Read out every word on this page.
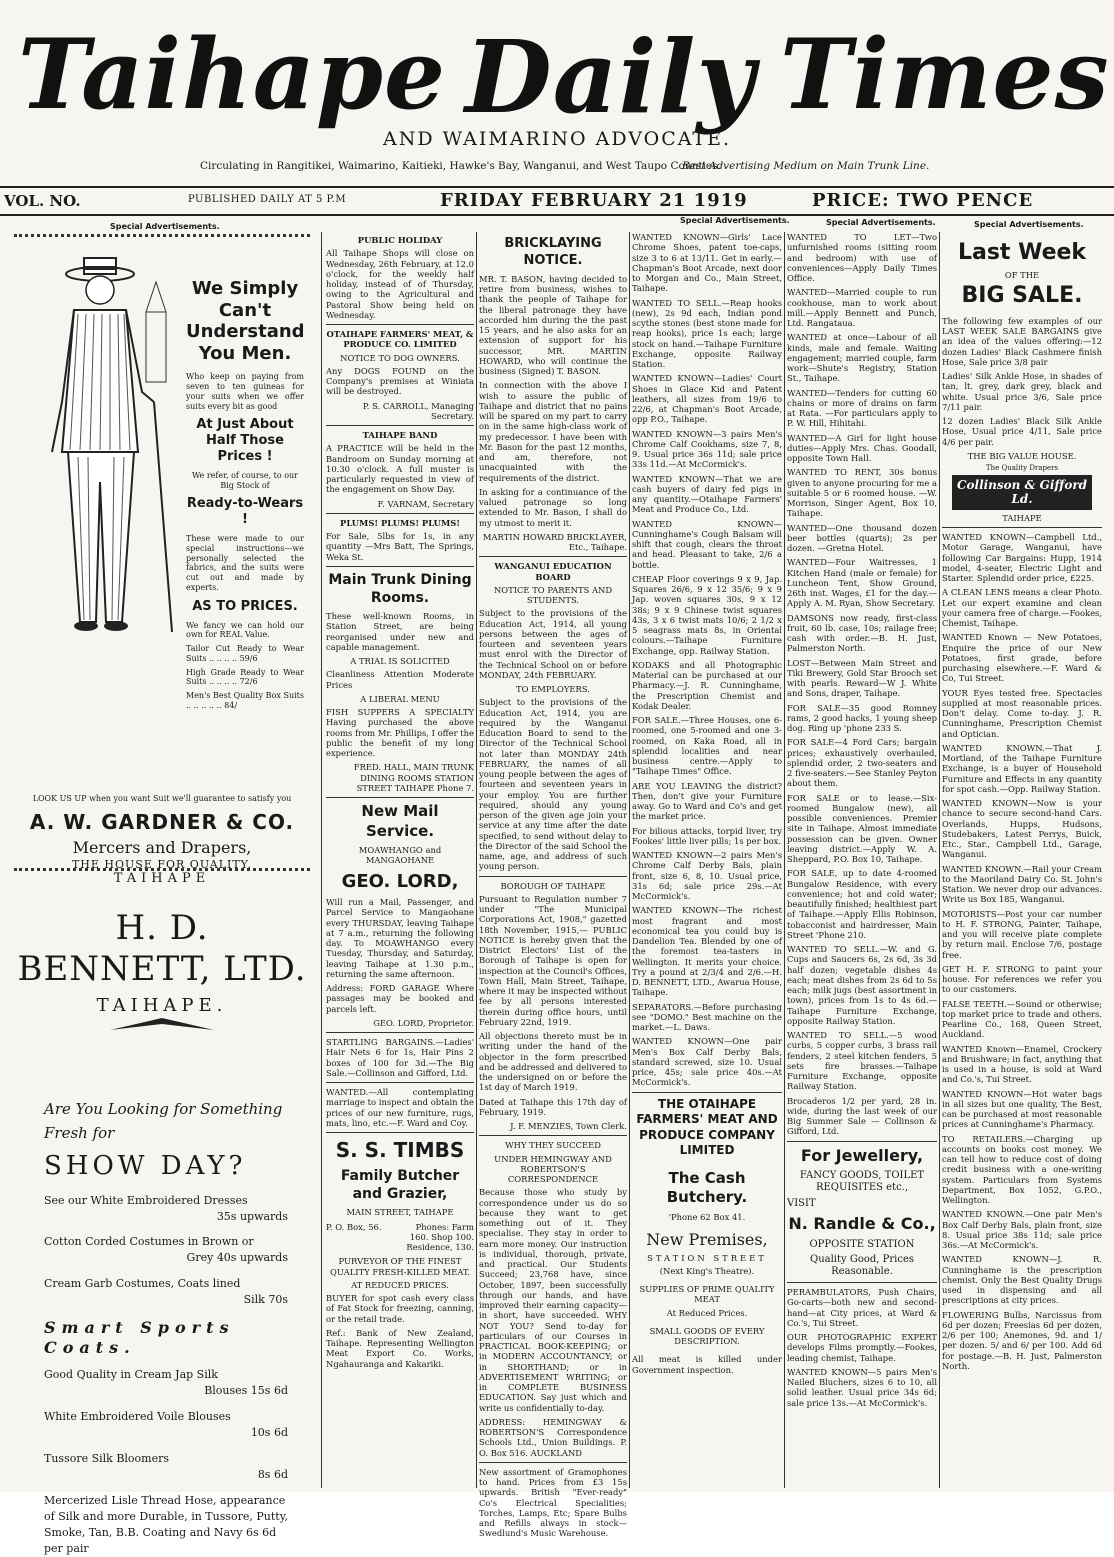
Taihape Daily Times
AND WAIMARINO ADVOCATE.
Circulating in Rangitikei, Waimarino, Kaitieki, Hawke's Bay, Wanganui, and West Taupo Counties.
Best Advertising Medium on Main Trunk Line.
VOL. NO.	PUBLISHED DAILY AT 5 P.M	FRIDAY FEBRUARY 21 1919	PRICE: TWO PENCE
Special Advertisements.
Special Advertisements.	Special Advertisements.	Special Advertisements.
We Simply Can't Understand You Men.

Who keep on paying from seven to ten guineas for your suits when we offer suits every bit as good

At Just About Half Those Prices !

We refer, of course, to our Big Stock of

Ready-to-Wears !

These were made to our special instructions—we personally selected the fabrics, and the suits were cut out and made by experts.

AS TO PRICES.

We fancy we can hold our own for REAL Value.

Tailor Cut Ready to Wear Suits .. .. .. .. 59/6

High Grade Ready to Wear Suits .. .. .. .. 72/6

Men's Best Quality Box Suits .. .. .. .. .. 84/

LOOK US UP when you want Suit we'll guarantee to satisfy you
A. W. GARDNER & CO.
Mercers and Drapers,
THE HOUSE FOR QUALITY.
TAIHAPE
H. D. BENNETT, LTD.
TAIHAPE.
Are You Looking for Something Fresh for
SHOW DAY?
See our White Embroidered Dresses
35s upwards
Cotton Corded Costumes in Brown or
Grey 40s upwards
Cream Garb Costumes, Coats lined
Silk 70s
Smart Sports Coats.
Good Quality in Cream Jap Silk
Blouses 15s 6d
White Embroidered Voile Blouses
10s 6d
Tussore Silk Bloomers
8s 6d
Mercerized Lisle Thread Hose, appearance of Silk and more Durable, in Tussore, Putty, Smoke, Tan, B.B. Coating and Navy 6s 6d per pair
PUBLIC HOLIDAY

All Taihape Shops will close on Wednesday, 26th February, at 12.0 o'clock, for the weekly half holiday, instead of of Thursday, owing to the Agricultural and Pastoral Show being held on Wednesday.

OTAIHAPE FARMERS' MEAT, & PRODUCE CO. LIMITED
NOTICE TO DOG OWNERS.

Any DOGS FOUND on the Company's premises at Winiata will be destroyed.

P. S. CARROLL, Managing Secretary.

TAIHAPE BAND

A PRACTICE will be held in the Bandroom on Sunday morning at 10.30 o'clock. A full muster is particularly requested in view of the engagement on Show Day.

F. VARNAM, Secretary

PLUMS! PLUMS! PLUMS!

For Sale, 5lbs for 1s, in any quantity —Mrs Batt, The Springs, Weka St.

Main Trunk Dining Rooms.

These well-known Rooms, in Station Street, are being reorganised under new and capable management.

A TRIAL IS SOLICITED

Cleanliness Attention Moderate Prices

A LIBERAL MENU

FISH SUPPERS A SPECIALTY Having purchased the above rooms from Mr. Phillips, I offer the public the benefit of my long experience.

FRED. HALL, MAIN TRUNK DINING ROOMS STATION STREET TAIHAPE Phone 7.

New Mail Service.
MOAWHANGO and MANGAOHANE
GEO. LORD,

Will run a Mail, Passenger, and Parcel Service to Mangaohane every THURSDAY, leaving Taihape at 7 a.m., returning the following day. To MOAWHANGO every Tuesday, Thursday, and Saturday, leaving Taihape at 1.30 p.m., returning the same afternoon.

Address: FORD GARAGE Where passages may be booked and parcels left.

GEO. LORD, Proprietor.

STARTLING BARGAINS.—Ladies' Hair Nets 6 for 1s, Hair Pins 2 boxes of 100 for 3d.—The Big Sale.—Collinson and Gifford, Ltd.

WANTED.—All contemplating marriage to inspect and obtain the prices of our new furniture, rugs, mats, lino, etc.—F. Ward and Coy.

S. S. TIMBS
Family Butcher and Grazier,
MAIN STREET, TAIHAPE
P. O. Box, 56.	Phones: Farm 160. Shop 100. Residence, 130.
PURVEYOR OF THE FINEST QUALITY FRESH-KILLED MEAT.
AT REDUCED PRICES.

BUYER for spot cash every class of Fat Stock for freezing, canning, or the retail trade.

Ref.: Bank of New Zealand, Taihape. Representing Wellington Meat Export Co. Works, Ngahauranga and Kakariki.

BRICKLAYING NOTICE.

MR. T. BASON, having decided to retire from business, wishes to thank the people of Taihape for the liberal patronage they have accorded him during the the past 15 years, and he also asks for an extension of support for his successor, MR. MARTIN HOWARD, who will continue the business (Signed) T. BASON.

In connection with the above I wish to assure the public of Taihape and district that no pains will be spared on my part to carry on in the same high-class work of my predecessor. I have been with Mr. Bason for the past 12 months, and am, therefore, not unacquainted with the requirements of the district.

In asking for a continuance of the valued patronage so long extended to Mr. Bason, I shall do my utmost to merit it.

MARTIN HOWARD BRICKLAYER, Etc., Taihape.

WANGANUI EDUCATION BOARD
NOTICE TO PARENTS AND STUDENTS.

Subject to the provisions of the Education Act, 1914, all young persons between the ages of fourteen and seventeen years must enrol with the Director of the Technical School on or before MONDAY, 24th FEBRUARY.

TO EMPLOYERS.

Subject to the provisions of the Education Act, 1914, you are required by the Wanganui Education Board to send to the Director of the Technical School not later than MONDAY 24th FEBRUARY, the names of all young people between the ages of fourteen and seventeen years in your employ. You are further required, should any young person of the given age join your service at any time after the date specified, to send without delay to the Director of the said School the name, age, and address of such young person.

BOROUGH OF TAIHAPE

Pursuant to Regulation number 7 under "The Municipal Corporations Act, 1908," gazetted 18th November, 1915,— PUBLIC NOTICE is hereby given that the District Electors' List of the Borough of Taihape is open for inspection at the Council's Offices, Town Hall, Main Street, Taihape, where it may be inspected without fee by all persons interested therein during office hours, until February 22nd, 1919.

All objections thereto must be in writing under the hand of the objector in the form prescribed and be addressed and delivered to the undersigned on or before the 1st day of March 1919.

Dated at Taihape this 17th day of February, 1919.

J. F. MENZIES, Town Clerk.

WHY THEY SUCCEED
UNDER HEMINGWAY AND ROBERTSON'S CORRESPONDENCE

Because those who study by correspondence under us do so because they want to get something out of it. They specialise. They stay in order to earn more money. Our instruction is individual, thorough, private, and practical. Our Students Succeed; 23,768 have, since October, 1897, been successfully through our hands, and have improved their earning capacity—in short, have succeeded. WHY NOT YOU? Send to-day for particulars of our Courses in PRACTICAL BOOK-KEEPING; or in MODERN ACCOUNTANCY; or in SHORTHAND; or in ADVERTISEMENT WRITING; or in COMPLETE BUSINESS EDUCATION. Say just which and write us confidentially to-day.

ADDRESS: HEMINGWAY & ROBERTSON'S Correspondence Schools Ltd., Union Buildings. P. O. Box 516. AUCKLAND

New assortment of Gramophones to hand. Prices from £3 15s upwards. British "Ever-ready" Co's Electrical Specialities; Torches, Lamps, Etc; Spare Bulbs and Refills always in stock—Swedlund's Music Warehouse.

WANTED KNOWN—Girls' Lace Chrome Shoes, patent toe-caps, size 3 to 6 at 13/11. Get in early.—Chapman's Boot Arcade, next door to Morgan and Co., Main Street, Taihape.

WANTED TO SELL.—Reap hooks (new), 2s 9d each, Indian pond scythe stones (best stone made for reap hooks), price 1s each; large stock on hand.—Taihape Furniture Exchange, opposite Railway Station.

WANTED KNOWN—Ladies' Court Shoes in Glace Kid and Patent leathers, all sizes from 19/6 to 22/6, at Chapman's Boot Arcade, opp P.O., Taihape.

WANTED KNOWN—3 pairs Men's Chrome Calf Cookhams, size 7, 8, 9. Usual price 36s 11d; sale price 33s 11d.—At McCormick's.

WANTED KNOWN—That we are cash buyers of dairy fed pigs in any quantity.—Otaihape Farmers' Meat and Produce Co., Ltd.

WANTED KNOWN—Cunninghame's Cough Balsam will shift that cough, clears the throat and head. Pleasant to take, 2/6 a bottle.

CHEAP Floor coverings 9 x 9, Jap. Squares 26/6, 9 x 12 35/6; 9 x 9 Jap. woven squares 30s, 9 x 12 38s; 9 x 9 Chinese twist squares 43s, 3 x 6 twist mats 10/6; 2 1/2 x 5 seagrass mats 8s, in Oriental colours.—Taihape Furniture Exchange, opp. Railway Station.

KODAKS and all Photographic Material can be purchased at our Pharmacy.—J. R. Cunninghame, the Prescription Chemist and Kodak Dealer.

FOR SALE.—Three Houses, one 6-roomed, one 5-roomed and one 3-roomed, on Kaka Road, all in splendid localities and near business centre.—Apply to "Taihape Times" Office.

ARE YOU LEAVING the district? Then, don't give your Furniture away. Go to Ward and Co's and get the market price.

For bilious attacks, torpid liver, try Fookes' little liver pills; 1s per box.

WANTED KNOWN—2 pairs Men's Chrome Calf Derby Bals, plain front, size 6, 8, 10. Usual price, 31s 6d; sale price 29s.—At McCormick's.

WANTED KNOWN—The richest most fragrant and most economical tea you could buy is Dandelion Tea. Blended by one of the foremost tea-tasters in Wellington. It merits your choice. Try a pound at 2/3/4 and 2/6.—H. D. BENNETT, LTD., Awarua House, Taihape.

SEPARATORS.—Before purchasing see "DOMO." Best machine on the market.—L. Daws.

WANTED KNOWN—One pair Men's Box Calf Derby Bals, standard screwed, size 10. Usual price, 45s; sale price 40s.—At McCormick's.

THE OTAIHAPE FARMERS' MEAT AND PRODUCE COMPANY LIMITED
The Cash Butchery.
'Phone 62 Box 41.
New Premises,
STATION STREET
(Next King's Theatre).
SUPPLIES OF PRIME QUALITY MEAT
At Reduced Prices.
SMALL GOODS OF EVERY DESCRIPTION.

All meat is killed under Government inspection.

WANTED TO LET—Two unfurnished rooms (sitting room and bedroom) with use of conveniences—Apply Daily Times Office.

WANTED—Married couple to run cookhouse, man to work about mill.—Apply Bennett and Punch, Ltd. Rangataua.

WANTED at once—Labour of all kinds, male and female. Waiting engagement; married couple, farm work—Shute's Registry, Station St., Taihape.

WANTED—Tenders for cutting 60 chains or more of drains on farm at Rata. —For particulars apply to P. W. Hill, Hihitahi.

WANTED—A Girl for light house duties—Apply Mrs. Chas. Goodall, opposite Town Hall.

WANTED TO RENT, 30s bonus given to anyone procuring for me a suitable 5 or 6 roomed house. —W. Morrison, Singer Agent, Box 10, Taihape.

WANTED—One thousand dozen beer bottles (quarts); 2s per dozen. —Gretna Hotel.

WANTED—Four Waitresses, 1 Kitchen Hand (male or female) for Luncheon Tent, Show Ground, 26th inst. Wages, £1 for the day.—Apply A. M. Ryan, Show Secretary.

DAMSONS now ready, first-class fruit, 60 lb. case, 10s; railage free; cash with order.—B. H. Just, Palmerston North.

LOST—Between Main Street and Tiki Brewery, Gold Star Brooch set with pearls. Reward—W J. White and Sons, draper, Taihape.

FOR SALE—35 good Romney rams, 2 good hacks, 1 young sheep dog. Ring up 'phone 233 S.

FOR SALE—4 Ford Cars; bargain prices; exhaustively overhauled, splendid order, 2 two-seaters and 2 five-seaters.—See Stanley Peyton about them.

FOR SALE or to lease.—Six-roomed Bungalow (new), all possible conveniences. Premier site in Taihape. Almost immediate possession can be given. Owner leaving district.—Apply W. A. Sheppard, P.O. Box 10, Taihape.

FOR SALE, up to date 4-roomed Bungalow Residence, with every convenience; hot and cold water; beautifully finished; healthiest part of Taihape.—Apply Ellis Robinson, tobacconist and hairdresser, Main Street 'Phone 210.

WANTED TO SELL.—W. and G. Cups and Saucers 6s, 2s 6d, 3s 3d half dozen; vegetable dishes 4s each; meat dishes from 2s 6d to 5s each; milk jugs (best assortment in town), prices from 1s to 4s 6d.—Taihape Furniture Exchange, opposite Railway Station.

WANTED TO SELL.—5 wood curbs, 5 copper curbs, 3 brass rail fenders, 2 steel kitchen fenders, 5 sets fire brasses.—Taihape Furniture Exchange, opposite Railway Station.

Brocaderos 1/2 per yard, 28 in. wide, during the last week of our Big Summer Sale — Collinson & Gifford, Ltd.

For Jewellery,
FANCY GOODS, TOILET REQUISITES etc.,
VISIT
N. Randle & Co.,
OPPOSITE STATION
Quality Good, Prices Reasonable.

PERAMBULATORS, Push Chairs, Go-carts—both new and second-hand—at City prices, at Ward & Co.'s, Tui Street.

OUR PHOTOGRAPHIC EXPERT develops Films promptly.—Fookes, leading chemist, Taihape.

WANTED KNOWN—5 pairs Men's Nailed Bluchers, sizes 6 to 10, all solid leather. Usual price 34s 6d; sale price 13s.—At McCormick's.

Last Week
OF THE
BIG SALE.

The following few examples of our LAST WEEK SALE BARGAINS give an idea of the values offering:—12 dozen Ladies' Black Cashmere finish Hose, Sale price 3/8 pair

Ladies' Silk Ankle Hose, in shades of tan, lt. grey, dark grey, black and white. Usual price 3/6, Sale price 7/11 pair.

12 dozen Ladies' Black Silk Ankle Hose, Usual price 4/11, Sale price 4/6 per pair.

THE BIG VALUE HOUSE.
The Quality Drapers
Collinson & Gifford Ld.
TAIHAPE

WANTED KNOWN—Campbell Ltd., Motor Garage, Wanganui, have following Car Bargains: Hupp, 1914 model, 4-seater, Electric Light and Starter. Splendid order price, £225.

A CLEAN LENS means a clear Photo. Let our expert examine and clean your camera free of charge.—Fookes, Chemist, Taihape.

WANTED Known — New Potatoes, Enquire the price of our New Potatoes, first grade, before purchasing elsewhere.—F. Ward & Co, Tui Street.

YOUR Eyes tested free. Spectacles supplied at most reasonable prices. Don't delay. Come to-day. J. R. Cunninghame, Prescription Chemist and Optician.

WANTED KNOWN.—That J. Mortland, of the Taihape Furniture Exchange, is a buyer of Household Furniture and Effects in any quantity for spot cash.—Opp. Railway Station.

WANTED KNOWN—Now is your chance to secure second-hand Cars. Overlands, Hupps, Hudsons, Studebakers, Latest Perrys, Buick, Etc., Star., Campbell Ltd., Garage, Wanganui.

WANTED KNOWN.—Rail your Cream to the Maoriland Dairy Co. St. John's Station. We never drop our advances. Write us Box 185, Wanganui.

MOTORISTS—Post your car number to H. F. STRONG, Painter, Taihape, and you will receive plate complete by return mail. Enclose 7/6, postage free.

GET H. F. STRONG to paint your house. For references we refer you to our customers.

FALSE TEETH.—Sound or otherwise; top market price to trade and others. Pearline Co., 168, Queen Street, Auckland.

WANTED Known—Enamel, Crockery and Brushware; in fact, anything that is used in a house, is sold at Ward and Co.'s, Tui Street.

WANTED KNOWN—Hot water bags in all sizes but one quality, The Best, can be purchased at most reasonable prices at Cunninghame's Pharmacy.

TO RETAILERS.—Charging up accounts on books cost money. We can tell how to reduce cost of doing credit business with a one-writing system. Particulars from Systems Department, Box 1052, G.P.O., Wellington.

WANTED KNOWN.—One pair Men's Box Calf Derby Bals, plain front, size 8. Usual price 38s 11d; sale price 36s.—At McCormick's.

WANTED KNOWN—J. R. Cunninghame is the prescription chemist. Only the Best Quality Drugs used in dispensing and all prescriptions at city prices.

FLOWERING Bulbs, Narcissus from 6d per dozen; Freesias 6d per dozen, 2/6 per 100; Anemones, 9d. and 1/ per dozen. 5/ and 6/ per 100. Add 6d for postage.—B. H. Just, Palmerston North.
